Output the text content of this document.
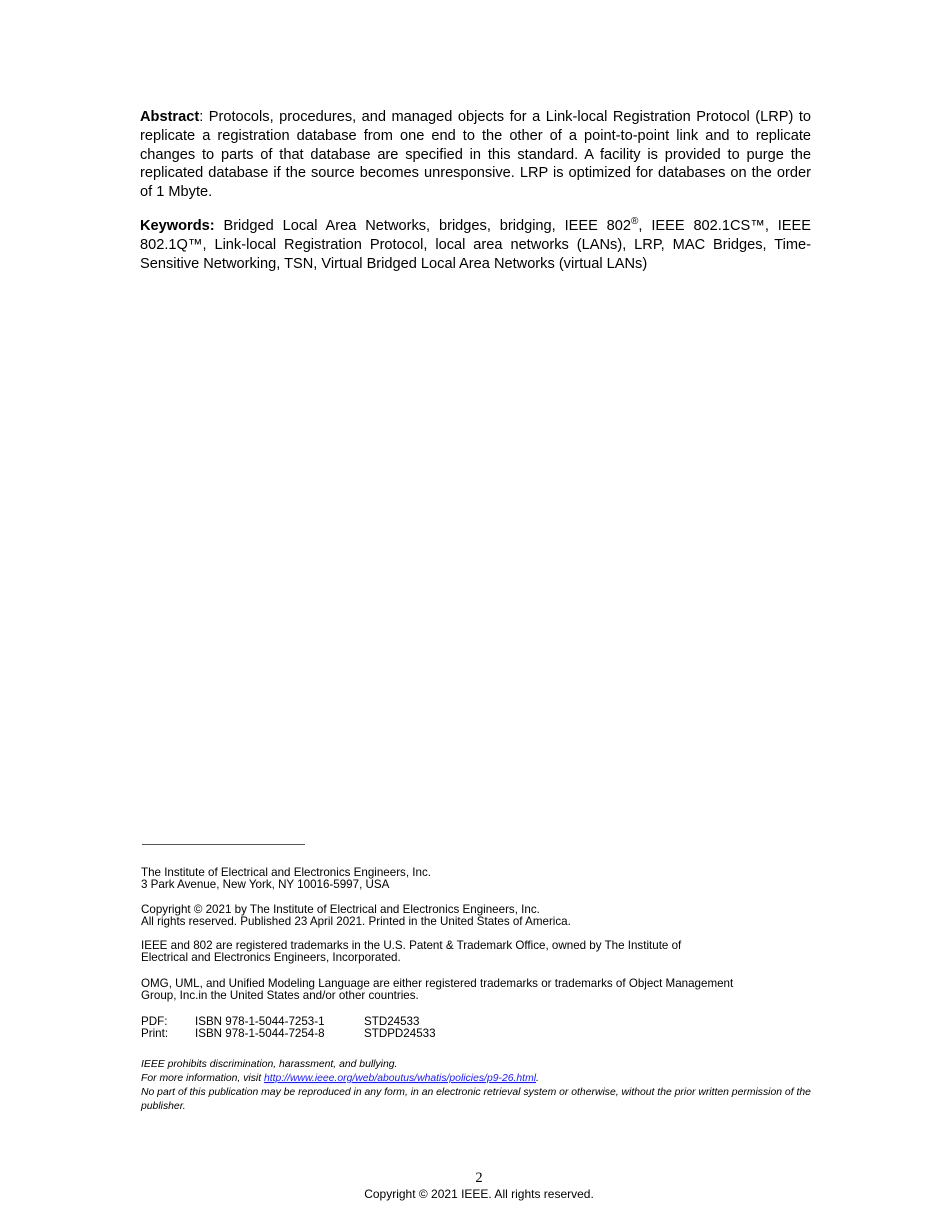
Abstract: Protocols, procedures, and managed objects for a Link-local Registration Protocol (LRP) to replicate a registration database from one end to the other of a point-to-point link and to replicate changes to parts of that database are specified in this standard. A facility is provided to purge the replicated database if the source becomes unresponsive. LRP is optimized for databases on the order of 1 Mbyte.
Keywords: Bridged Local Area Networks, bridges, bridging, IEEE 802®, IEEE 802.1CS™, IEEE 802.1Q™, Link-local Registration Protocol, local area networks (LANs), LRP, MAC Bridges, Time-Sensitive Networking, TSN, Virtual Bridged Local Area Networks (virtual LANs)
The Institute of Electrical and Electronics Engineers, Inc.
3 Park Avenue, New York, NY 10016-5997, USA
Copyright © 2021 by The Institute of Electrical and Electronics Engineers, Inc.
All rights reserved. Published 23 April 2021. Printed in the United States of America.
IEEE and 802 are registered trademarks in the U.S. Patent & Trademark Office, owned by The Institute of
Electrical and Electronics Engineers, Incorporated.
OMG, UML, and Unified Modeling Language are either registered trademarks or trademarks of Object Management
Group, Inc.in the United States and/or other countries.
PDF:	ISBN 978-1-5044-7253-1	STD24533
Print:	ISBN 978-1-5044-7254-8	STDPD24533
IEEE prohibits discrimination, harassment, and bullying.
For more information, visit http://www.ieee.org/web/aboutus/whatis/policies/p9-26.html.
No part of this publication may be reproduced in any form, in an electronic retrieval system or otherwise, without the prior written permission of the publisher.
2
Copyright © 2021 IEEE. All rights reserved.
